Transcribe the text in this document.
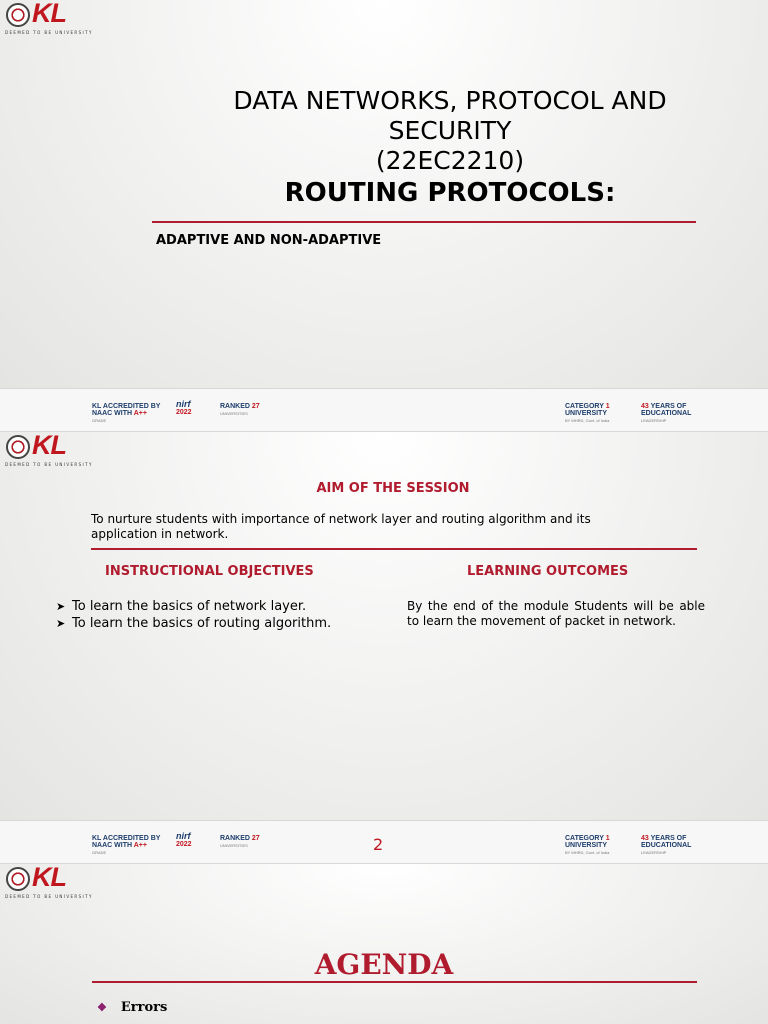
KL
DEEMED TO BE UNIVERSITY
DATA NETWORKS, PROTOCOL AND
SECURITY
(22EC2210)
ROUTING PROTOCOLS:
ADAPTIVE AND NON-ADAPTIVE
KL ACCREDITED BY
NAAC WITH A++
GRADE
nirf
2022
RANKED 27
UNIVERSITIES
CATEGORY 1
UNIVERSITY
BY MHRD, Govt. of India
43 YEARS OF
EDUCATIONAL
LEADERSHIP
KL
DEEMED TO BE UNIVERSITY
AIM OF THE SESSION
To nurture students with importance of network layer and routing algorithm and its application in network.
INSTRUCTIONAL OBJECTIVES	LEARNING OUTCOMES
➤ To learn the basics of network layer.
➤ To learn the basics of routing algorithm.
By the end of the module Students will be able to learn the movement of packet in network.
KL ACCREDITED BY
NAAC WITH A++
GRADE
nirf
2022
RANKED 27
UNIVERSITIES	2	CATEGORY 1
UNIVERSITY
BY MHRD, Govt. of India
43 YEARS OF
EDUCATIONAL
LEADERSHIP
KL
DEEMED TO BE UNIVERSITY
AGENDA
❖ Errors
